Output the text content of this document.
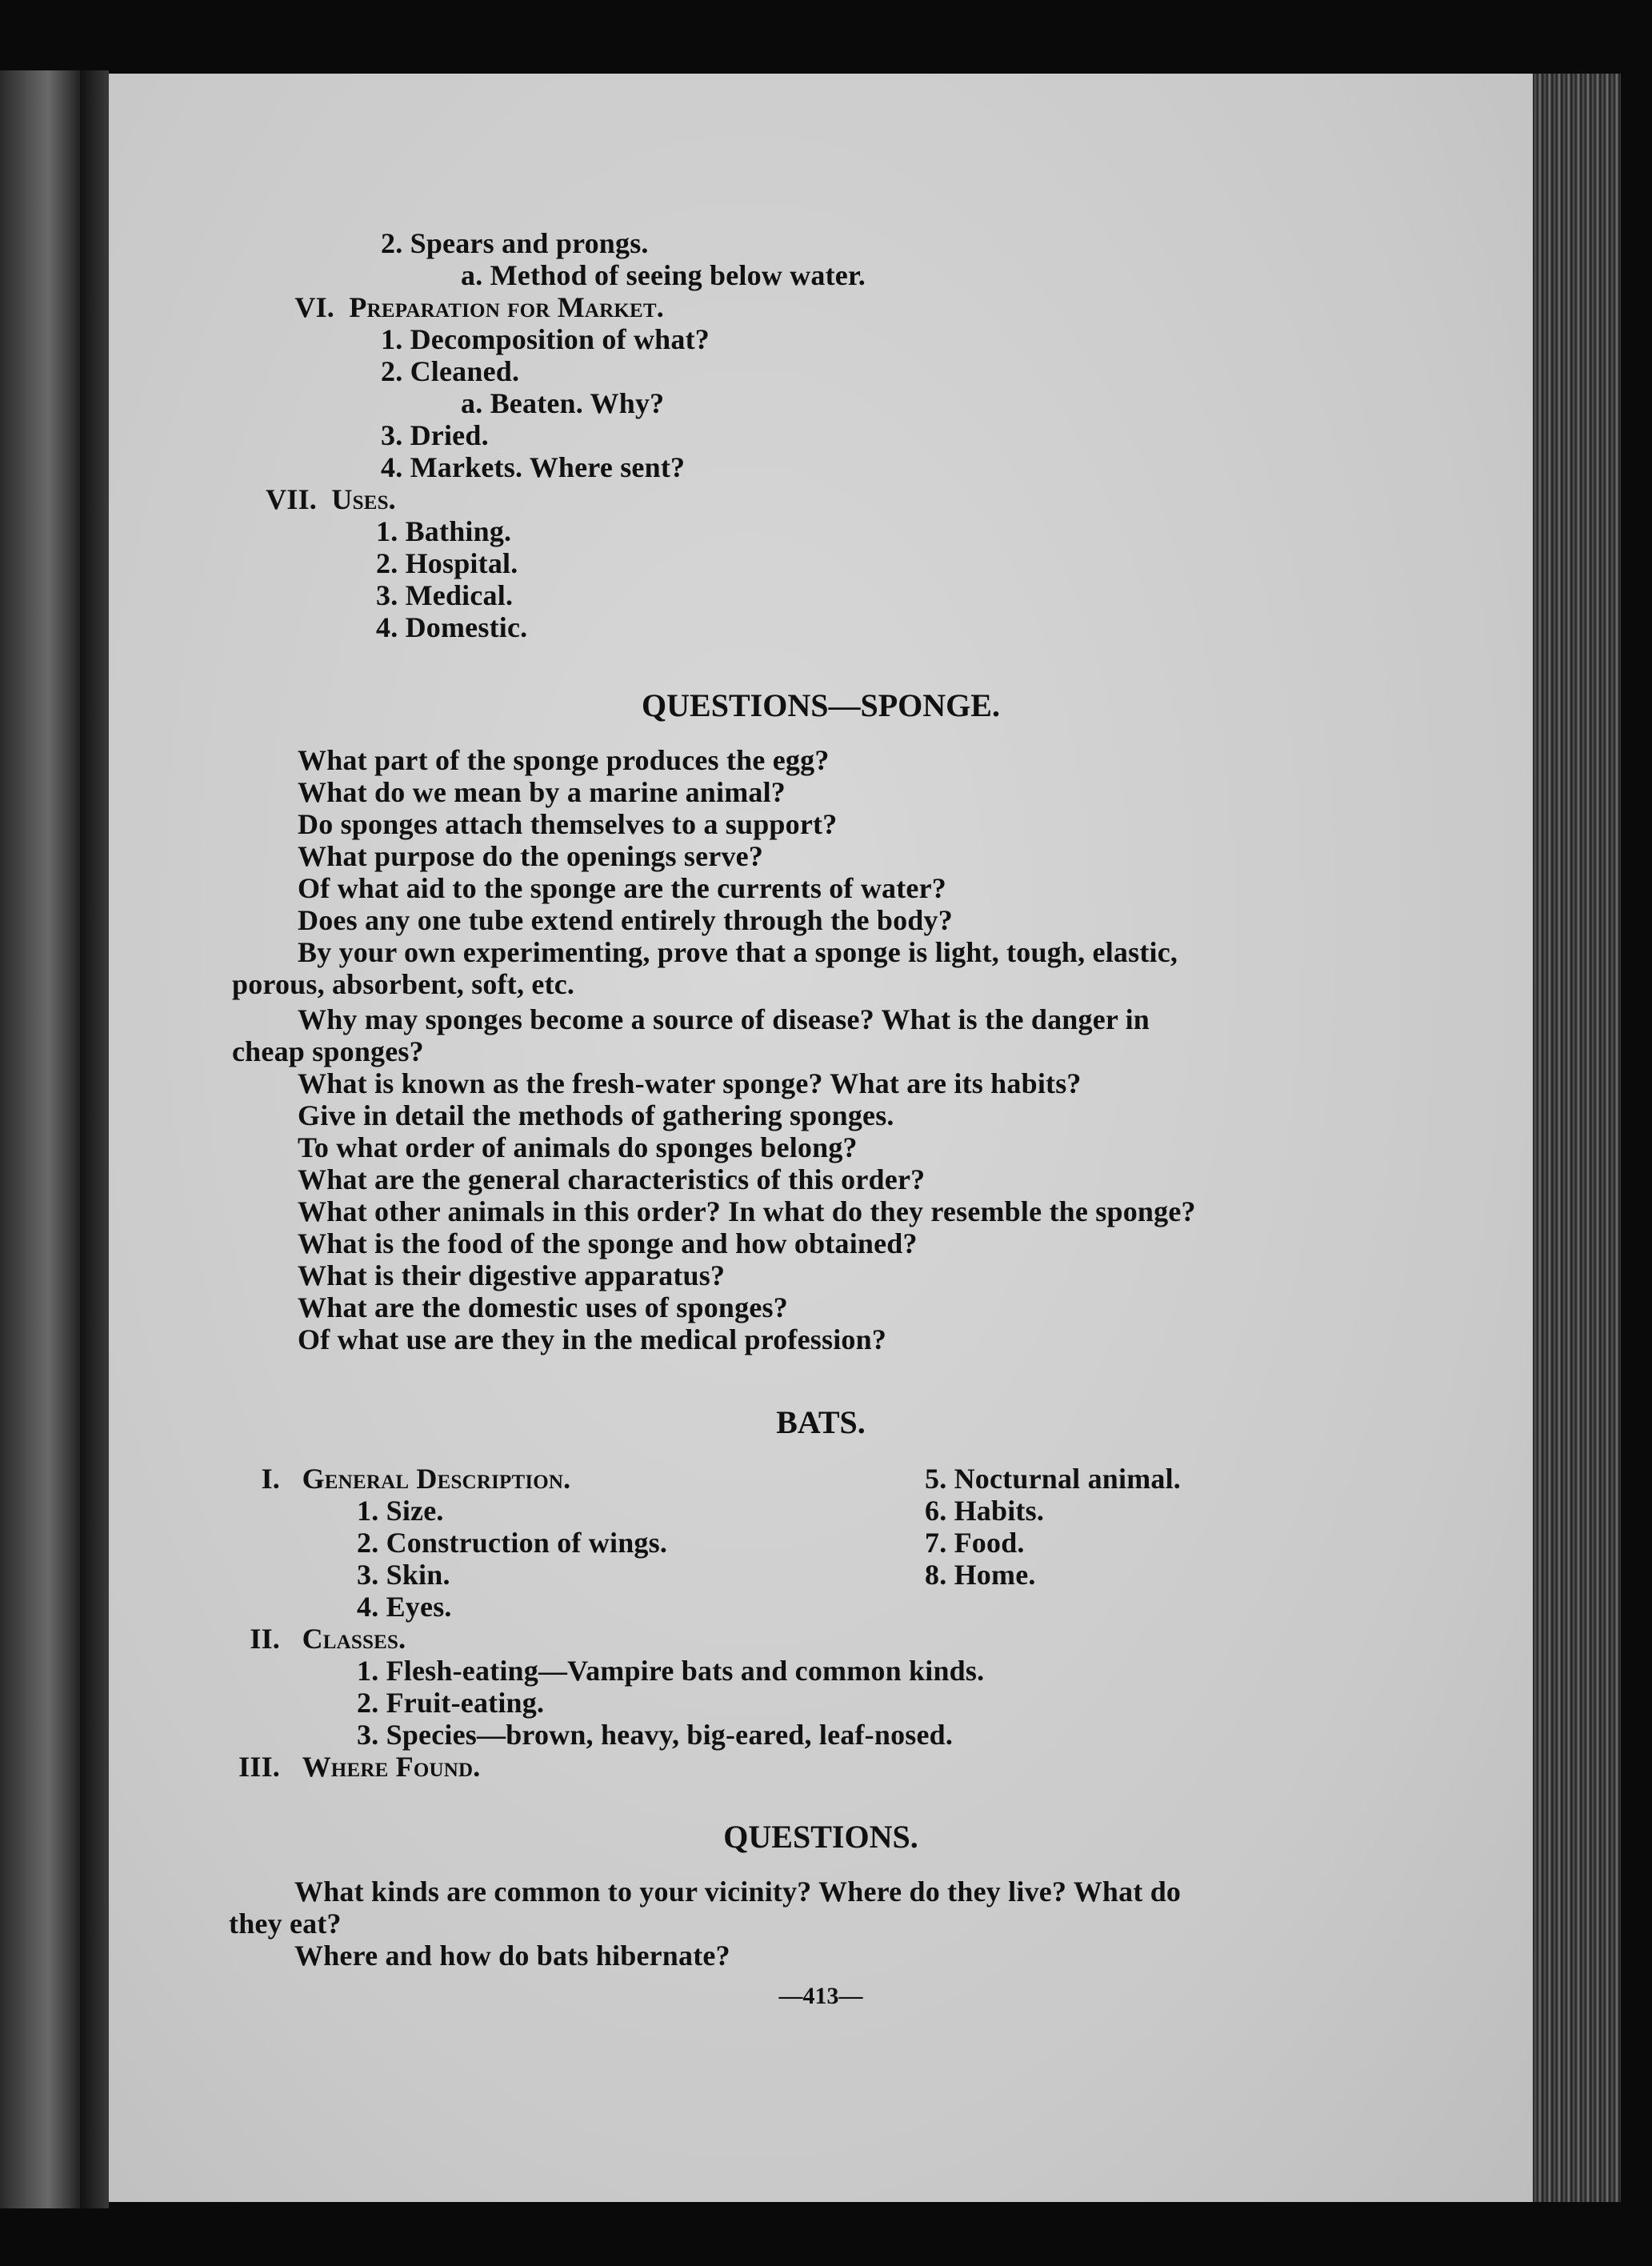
2. Spears and prongs.
a. Method of seeing below water.
VI. Preparation for Market.
1. Decomposition of what?
2. Cleaned.
a. Beaten. Why?
3. Dried.
4. Markets. Where sent?
VII. Uses.
1. Bathing.
2. Hospital.
3. Medical.
4. Domestic.
QUESTIONS—SPONGE.
What part of the sponge produces the egg?
What do we mean by a marine animal?
Do sponges attach themselves to a support?
What purpose do the openings serve?
Of what aid to the sponge are the currents of water?
Does any one tube extend entirely through the body?
By your own experimenting, prove that a sponge is light, tough, elastic,
porous, absorbent, soft, etc.
Why may sponges become a source of disease? What is the danger in
cheap sponges?
What is known as the fresh-water sponge? What are its habits?
Give in detail the methods of gathering sponges.
To what order of animals do sponges belong?
What are the general characteristics of this order?
What other animals in this order? In what do they resemble the sponge?
What is the food of the sponge and how obtained?
What is their digestive apparatus?
What are the domestic uses of sponges?
Of what use are they in the medical profession?
BATS.
I. General Description.
1. Size.
2. Construction of wings.
3. Skin.
4. Eyes.
5. Nocturnal animal.
6. Habits.
7. Food.
8. Home.
II. Classes.
1. Flesh-eating—Vampire bats and common kinds.
2. Fruit-eating.
3. Species—brown, heavy, big-eared, leaf-nosed.
III. Where Found.
QUESTIONS.
What kinds are common to your vicinity? Where do they live? What do
they eat?
Where and how do bats hibernate?
—413—
